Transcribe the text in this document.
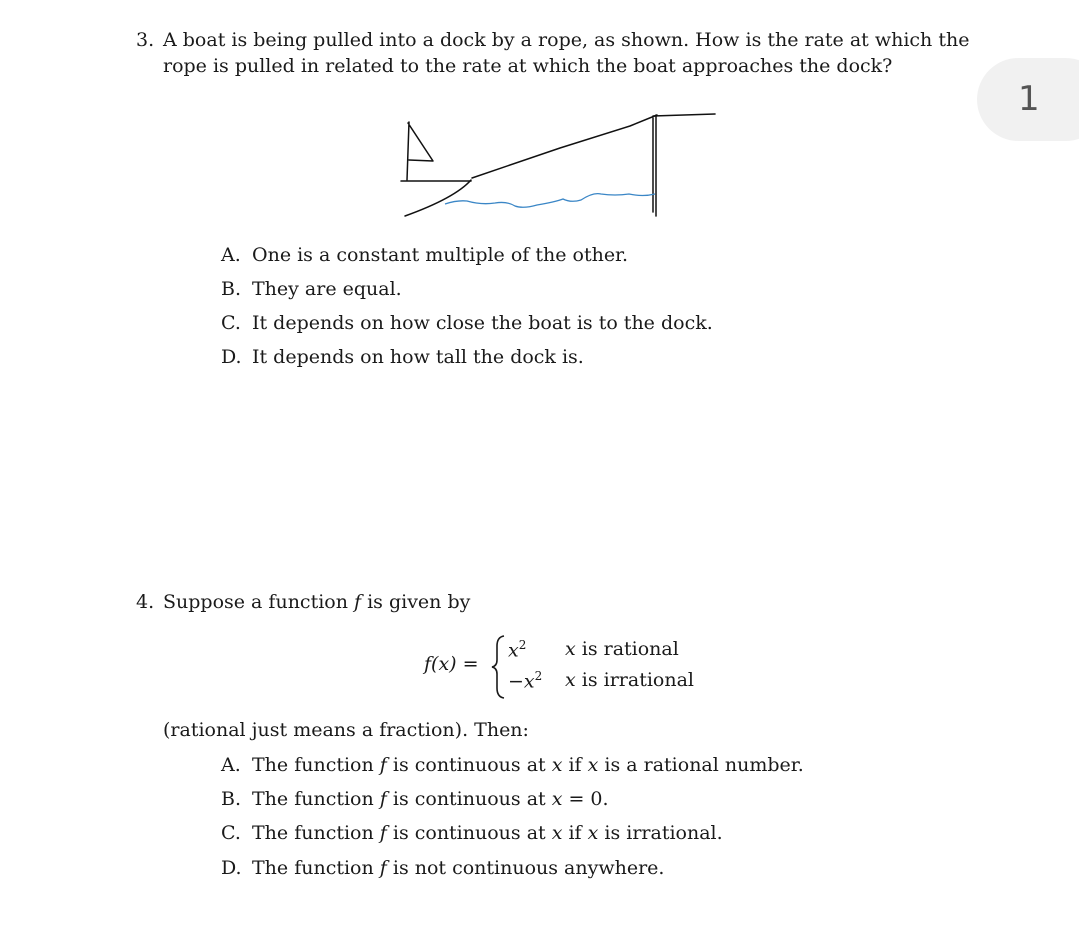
3. A boat is being pulled into a dock by a rope, as shown. How is the rate at which the
rope is pulled in related to the rate at which the boat approaches the dock?
1
A. One is a constant multiple of the other.
B. They are equal.
C. It depends on how close the boat is to the dock.
D. It depends on how tall the dock is.
4. Suppose a function f is given by
f(x) =
$x^2$ x is rational
$-x^2$ x is irrational
(rational just means a fraction). Then:
A. The function f is continuous at x if x is a rational number.
B. The function f is continuous at x = 0.
C. The function f is continuous at x if x is irrational.
D. The function f is not continuous anywhere.
